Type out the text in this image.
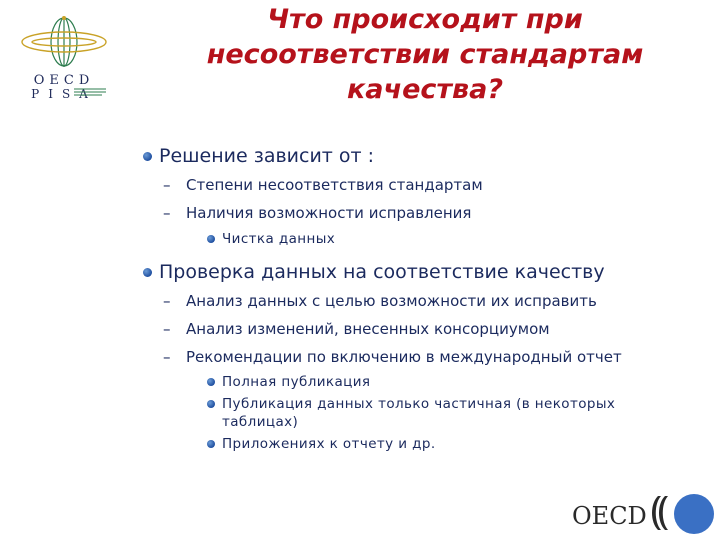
OECD
PISA
Что происходит при несоответствии стандартам качества?
Решение зависит от :
– Степени несоответствия стандартам
– Наличия возможности исправления
Чистка данных
Проверка данных на соответствие качеству
– Анализ данных с целью возможности их исправить
– Анализ изменений, внесенных консорциумом
– Рекомендации по включению в международный отчет
Полная публикация
Публикация данных только частичная (в некоторых таблицах)
Приложениях к отчету и др.
OECD
